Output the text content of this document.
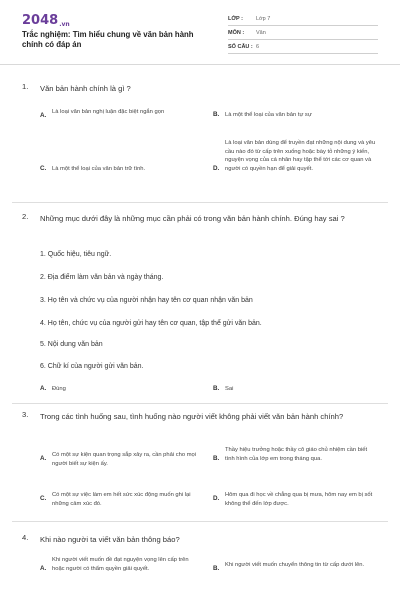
2048.vn
Trắc nghiệm: Tìm hiểu chung về văn bản hành chính có đáp án
LỚP :	Lớp 7
MÔN :	Văn
SỐ CÂU : 6
1. Văn bản hành chính là gì ?
A. Là loại văn bản nghị luận đặc biệt ngắn gọn	B. Là một thể loại của văn bản tự sự
C. Là một thể loại của văn bản trữ tình.	D.
Là loại văn bản dùng để truyền đạt những nội dung và yêu cầu nào đó từ cấp trên xuống hoặc bày tỏ những ý kiến, nguyện vọng của cá nhân hay tập thể tới các cơ quan và người có quyền hạn để giải quyết.
2. Những mục dưới đây là những mục cần phải có trong văn bản hành chính. Đúng hay sai ?
1. Quốc hiệu, tiêu ngữ.
2. Địa điểm làm văn bản và ngày tháng.
3. Họ tên và chức vụ của người nhận hay tên cơ quan nhận văn bản
4. Họ tên, chức vụ của người gửi hay tên cơ quan, tập thể gửi văn bản.
5. Nội dung văn bản
6. Chữ kí của người gửi văn bản.
A. Đúng	B. Sai
3. Trong các tình huống sau, tình huống nào người viết không phải viết văn bản hành chính?
A. Có một sự kiện quan trọng sắp xảy ra, cần phải cho mọi người biết sự kiện ấy.
B.
Thầy hiệu trưởng hoặc thầy cô giáo chủ nhiệm cần biết tình hình của lớp em trong tháng qua.
C. Có một sự việc làm em hết sức xúc động muốn ghi lại những cảm xúc đó.
D. Hôm qua đi học về chẳng qua bị mưa, hôm nay em bị sốt không thể đến lớp được.
4. Khi nào người ta viết văn bản thông báo?
A.
Khi người viết muốn đề đạt nguyện vọng lên cấp trên hoặc người có thẩm quyền giải quyết.	B. Khi người viết muốn chuyển thông tin từ cấp dưới lên.
